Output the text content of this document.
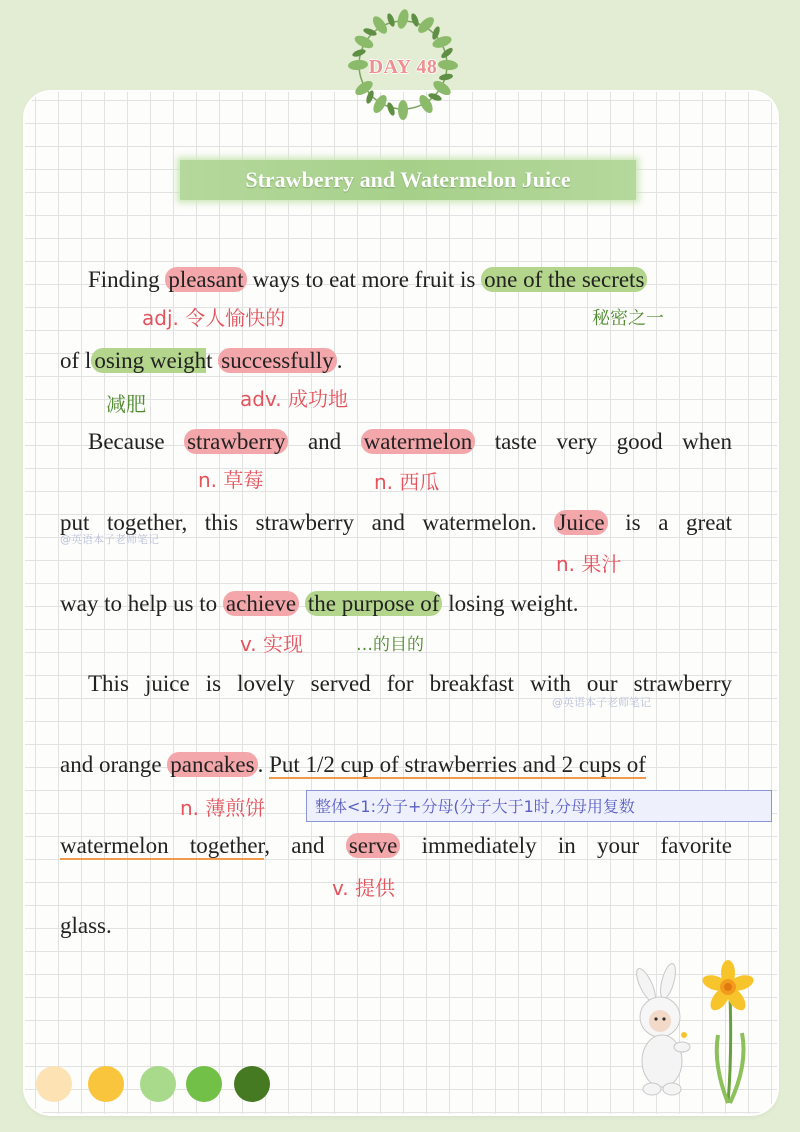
DAY 48
Strawberry and Watermelon Juice
Finding pleasant ways to eat more fruit is one of the secrets
adj. 令人愉快的	秘密之一
of l osing weight successfully .
减肥	adv. 成功地
Because strawberry and watermelon taste very good when
n. 草莓	n. 西瓜
put together, this strawberry and watermelon. Juice is a great
@英语本子老师笔记
n. 果汁
way to help us to achieve the purpose of losing weight.
v. 实现	…的目的
This juice is lovely served for breakfast with our strawberry
@英语本子老师笔记
and orange pancakes . Put 1/2 cup of strawberries and 2 cups of
n. 薄煎饼	整体<1:分子+分母(分子大于1时,分母用复数
watermelon together, and serve immediately in your favorite
v. 提供
glass.
